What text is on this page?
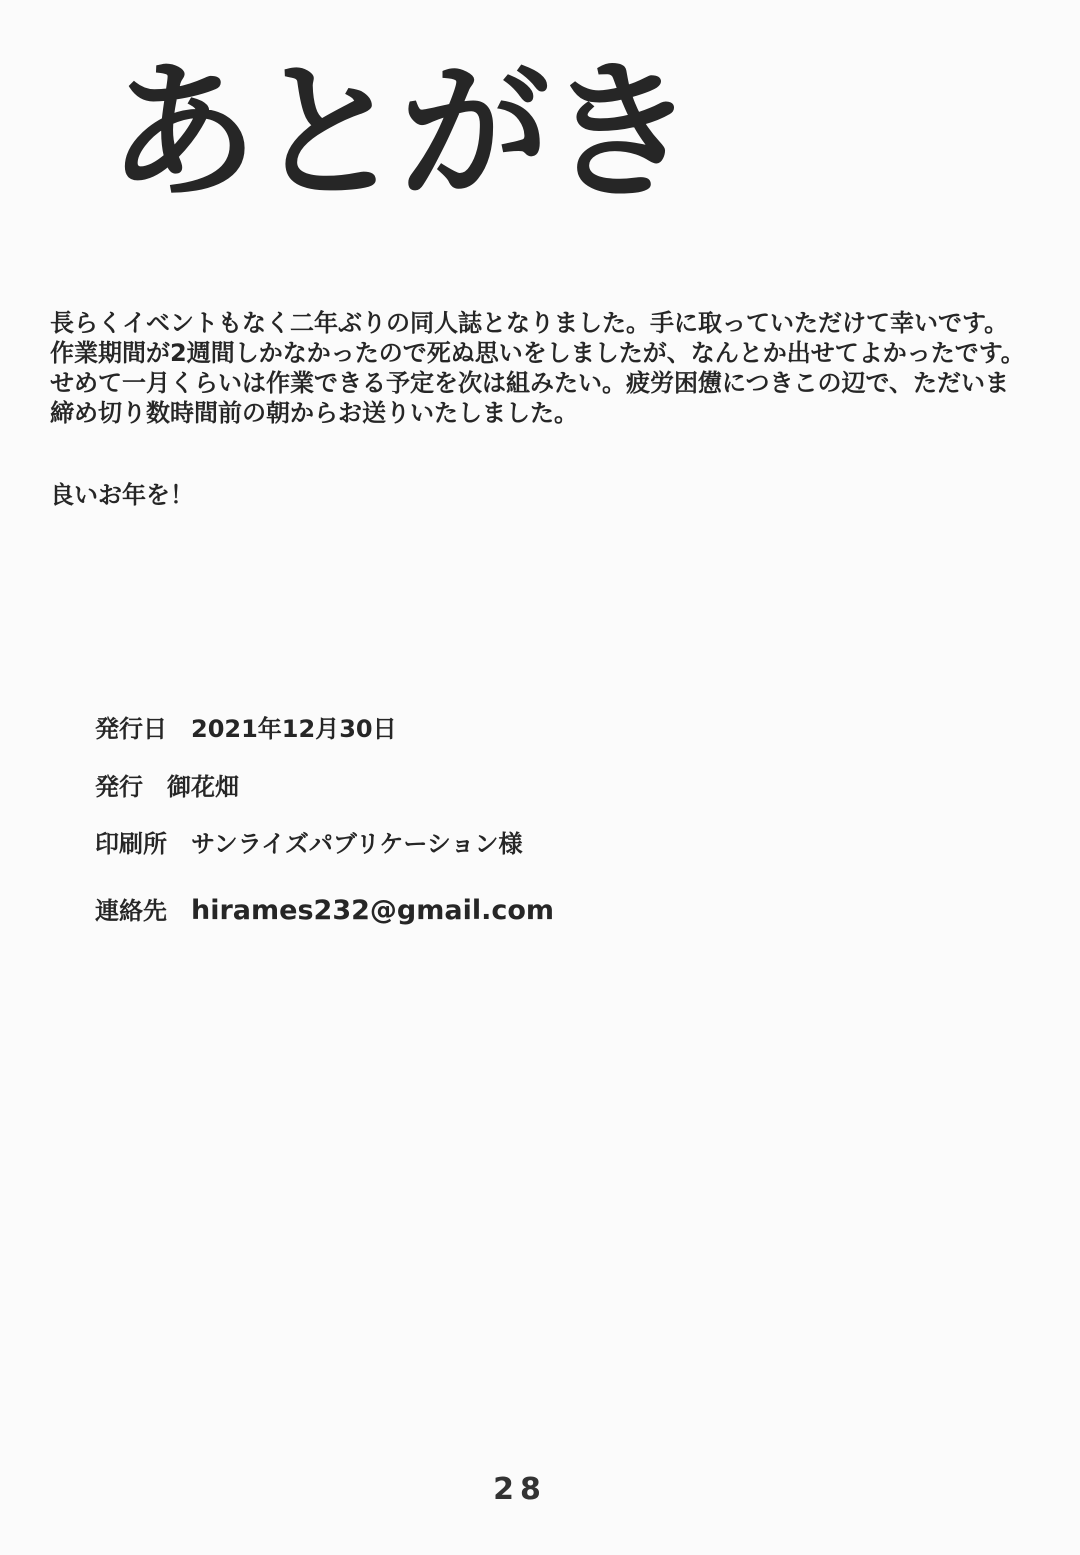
あとがき
長らくイベントもなく二年ぶりの同人誌となりました。手に取っていただけて幸いです。
作業期間が2週間しかなかったので死ぬ思いをしましたが、なんとか出せてよかったです。
せめて一月くらいは作業できる予定を次は組みたい。疲労困憊につきこの辺で、ただいま
締め切り数時間前の朝からお送りいたしました。
良いお年を！
発行日 2021年12月30日
発行 御花畑
印刷所 サンライズパブリケーション様
連絡先 hirames232@gmail.com
28
